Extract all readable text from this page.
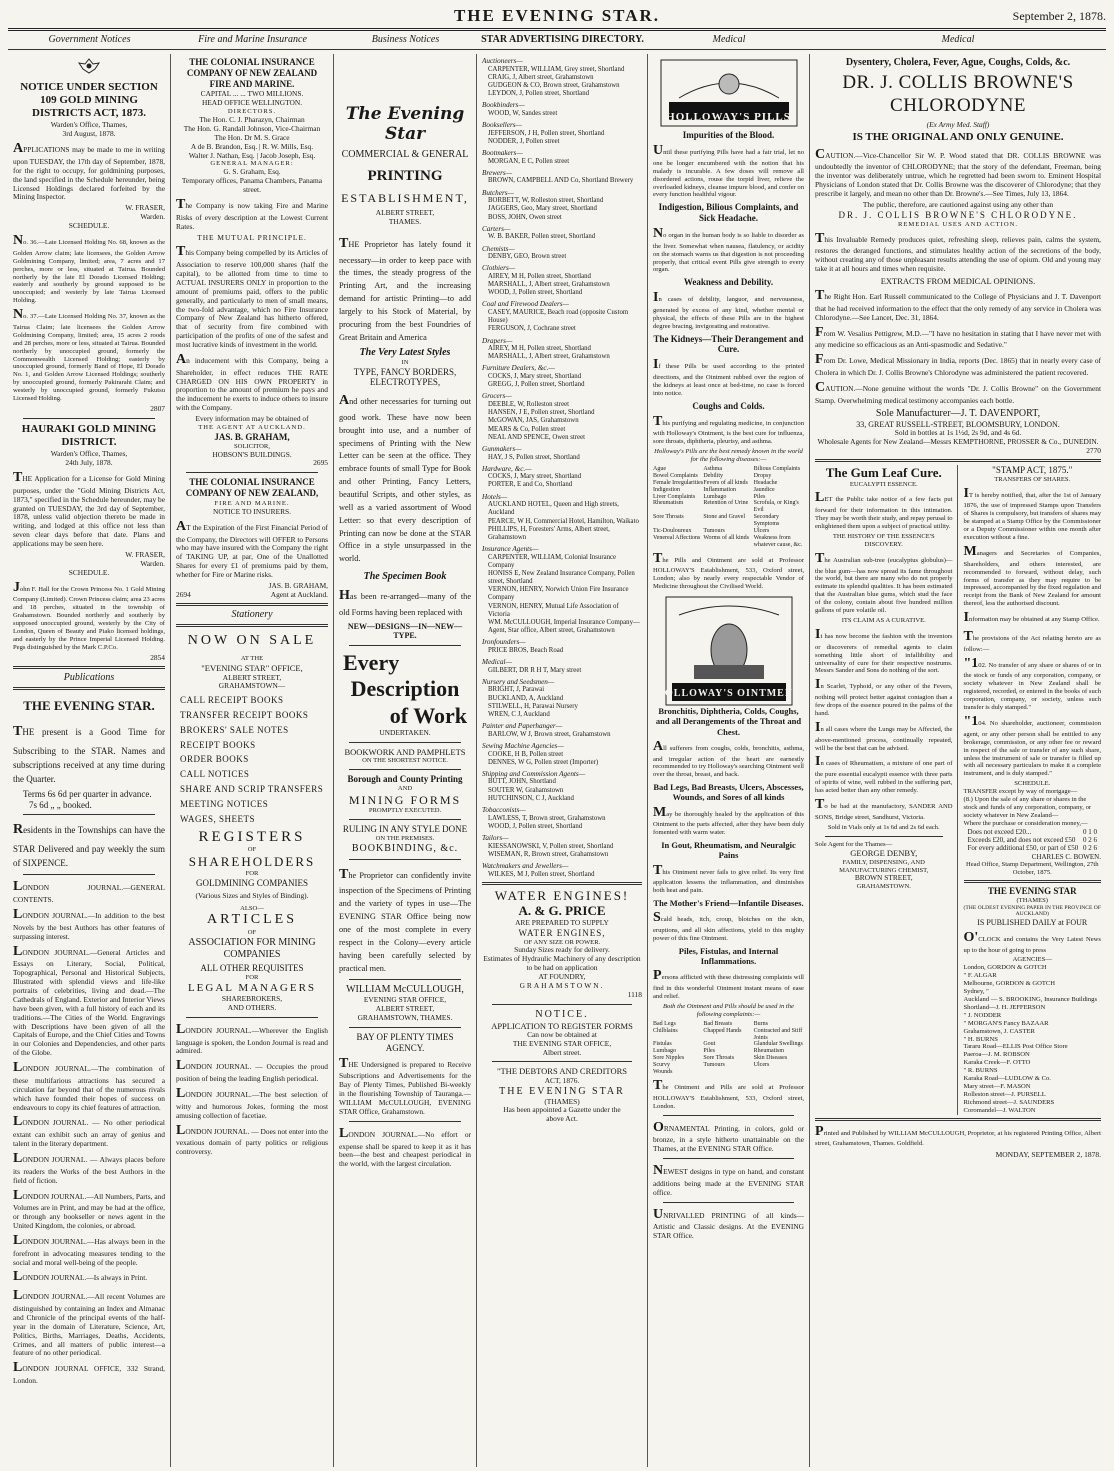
THE EVENING STAR.	September 2, 1878.
Government Notices	Fire and Marine Insurance	Business Notices	STAR ADVERTISING DIRECTORY.	Medical	Medical
NOTICE UNDER SECTION 109 GOLD MINING DISTRICTS ACT, 1873.
Warden's Office, Thames,
3rd August, 1878.
APPLICATIONS may be made to me in writing upon TUESDAY, the 17th day of September, 1878, for the right to occupy, for goldmining purposes, the land specified in the Schedule hereunder, being Licensed Holdings declared forfeited by the Mining Inspector.
W. FRASER,
Warden.
SCHEDULE.
No. 36.—Late Licensed Holding No. 68, known as the Golden Arrow claim; late licensees, the Golden Arrow Goldmining Company, limited; area, 7 acres and 17 perches, more or less, situated at Tairua. Bounded northerly by the late El Dorado Licensed Holding; easterly and southerly by ground supposed to be unoccupied; and westerly by late Tairua Licensed Holding.
No. 37.—Late Licensed Holding No. 37, known as the Tairua Claim; late licensees the Golden Arrow Goldmining Company, limited; area, 15 acres 2 roods and 28 perches, more or less, situated at Tairua. Bounded northerly by unoccupied ground, formerly the Commonwealth Licensed Holding; easterly by unoccupied ground, formerly Band of Hope, El Dorado No. 1, and Golden Arrow Licensed Holdings; southerly by unoccupied ground, formerly Pakirarahi Claim; and westerly by unoccupied ground, formerly Fukutsu Licensed Holding.
2807
HAURAKI GOLD MINING DISTRICT.
Warden's Office, Thames,
24th July, 1878.
THE Application for a License for Gold Mining purposes, under the "Gold Mining Districts Act, 1873," specified in the Schedule hereunder, may be granted on TUESDAY, the 3rd day of September, 1878, unless valid objection thereto be made in writing, and lodged at this office not less than seven clear days before that date. Plans and applications may be seen here.
W. FRASER,
Warden.
SCHEDULE.
John F. Hall for the Crown Princess No. 1 Gold Mining Company (Limited). Crown Princess claim; area 23 acres and 18 perches, situated in the township of Grahamstown. Bounded northerly and southerly by supposed unoccupied ground, westerly by the City of London, Queen of Beauty and Piako licensed holdings, and easterly by the Prince Imperial Licensed Holding. Pegs distinguished by the Mark C.P.Co.
2854
Publications
THE EVENING STAR.
THE present is a Good Time for Subscribing to the STAR. Names and subscriptions received at any time during the Quarter.
Terms 6s 6d per quarter in advance.
7s 6d „ „ booked.
Residents in the Townships can have the STAR Delivered and pay weekly the sum of SIXPENCE.
LONDON JOURNAL.—GENERAL CONTENTS.
LONDON JOURNAL.—In addition to the best Novels by the best Authors has other features of surpassing interest.
LONDON JOURNAL.—General Articles and Essays on Literary, Social, Political, Topographical, Personal and Historical Subjects, Illustrated with splendid views and life-like portraits of celebrities, living and dead.—The Cathedrals of England. Exterior and Interior Views have been given, with a full history of each and its traditions.—The Cities of the World. Engravings with Descriptions have been given of all the Capitals of Europe, and the Chief Cities and Towns in our Colonies and Dependencies, and other parts of the Globe.
LONDON JOURNAL.—The combination of these multifarious attractions has secured a circulation far beyond that of the numerous rivals which have founded their hopes of success on endeavours to copy its chief features of attraction.
LONDON JOURNAL. — No other periodical extant can exhibit such an array of genius and talent in the literary department.
LONDON JOURNAL. — Always places before its readers the Works of the best Authors in the field of fiction.
LONDON JOURNAL.—All Numbers, Parts, and Volumes are in Print, and may be had at the office, or through any bookseller or news agent in the United Kingdom, the colonies, or abroad.
LONDON JOURNAL.—Has always been in the forefront in advocating measures tending to the social and moral well-being of the people.
LONDON JOURNAL.—Is always in Print.
LONDON JOURNAL.—All recent Volumes are distinguished by containing an Index and Almanac and Chronicle of the principal events of the half-year in the domain of Literature, Science, Art, Politics, Births, Marriages, Deaths, Accidents, Crimes, and all matters of public interest—a feature of no other periodical.
LONDON JOURNAL OFFICE, 332 Strand, London.
THE COLONIAL INSURANCE COMPANY OF NEW ZEALAND FIRE AND MARINE.
CAPITAL ... ... TWO MILLIONS.
HEAD OFFICE WELLINGTON.
DIRECTORS.
The Hon. C. J. Pharazyn, Chairman
The Hon. G. Randall Johnson, Vice-Chairman
The Hon. Dr M. S. Grace
A de B. Brandon, Esq. | R. W. Mills, Esq.
Walter J. Nathan, Esq. | Jacob Joseph, Esq.
GENERAL MANAGER:
G. S. Graham, Esq.
Temporary offices, Panama Chambers, Panama street.
The Company is now taking Fire and Marine Risks of every description at the Lowest Current Rates.
THE MUTUAL PRINCIPLE.
This Company being compelled by its Articles of Association to reserve 100,000 shares (half the capital), to be allotted from time to time to ACTUAL INSURERS ONLY in proportion to the amount of premiums paid, offers to the public generally, and particularly to men of small means, the two-fold advantage, which no Fire Insurance Company of New Zealand has hitherto offered, that of security from fire combined with participation of the profits of one of the safest and most lucrative kinds of investment in the world.
An inducement with this Company, being a Shareholder, in effect reduces THE RATE CHARGED ON HIS OWN PROPERTY in proportion to the amount of premium he pays and the inducement he exerts to induce others to insure with the Company.
Every information may be obtained of
THE AGENT AT AUCKLAND.
JAS. B. GRAHAM,
SOLICITOR,
HOBSON'S BUILDINGS.
2695
THE COLONIAL INSURANCE COMPANY OF NEW ZEALAND,
FIRE AND MARINE.
NOTICE TO INSURERS.
AT the Expiration of the First Financial Period of the Company, the Directors will OFFER to Persons who may have insured with the Company the right of TAKING UP, at par, One of the Unallotted Shares for every £1 of premiums paid by them, whether for Fire or Marine risks.
JAS. B. GRAHAM,
2694	Agent at Auckland.
Stationery
NOW ON SALE
AT THE
"EVENING STAR" OFFICE,
ALBERT STREET,
GRAHAMSTOWN—
CALL RECEIPT BOOKS
TRANSFER RECEIPT BOOKS
BROKERS' SALE NOTES
RECEIPT BOOKS
ORDER BOOKS
CALL NOTICES
SHARE AND SCRIP TRANSFERS
MEETING NOTICES
WAGES, SHEETS
REGISTERS
OF
SHAREHOLDERS
FOR
GOLDMINING COMPANIES
(Various Sizes and Styles of Binding).
ALSO—
ARTICLES
OF
ASSOCIATION FOR MINING
COMPANIES
ALL OTHER REQUISITES
FOR
LEGAL MANAGERS
SHAREBROKERS,
AND OTHERS.
LONDON JOURNAL.—Wherever the English language is spoken, the London Journal is read and admired.
LONDON JOURNAL. — Occupies the proud position of being the leading English periodical.
LONDON JOURNAL.—The best selection of witty and humorous Jokes, forming the most amusing collection of facetiae.
LONDON JOURNAL. — Does not enter into the vexatious domain of party politics or religious controversy.
The Evening Star
COMMERCIAL & GENERAL
PRINTING
ESTABLISHMENT,
ALBERT STREET,
THAMES.
THE Proprietor has lately found it necessary—in order to keep pace with the times, the steady progress of the Printing Art, and the increasing demand for artistic Printing—to add largely to his Stock of Material, by procuring from the best Foundries of Great Britain and America
The Very Latest Styles
IN
TYPE, FANCY BORDERS,
ELECTROTYPES,
And other necessaries for turning out good work. These have now been brought into use, and a number of specimens of Printing with the New Letter can be seen at the office. They embrace founts of small Type for Book and other Printing, Fancy Letters, beautiful Scripts, and other styles, as well as a varied assortment of Wood Letter: so that every description of Printing can now be done at the STAR Office in a style unsurpassed in the world.
The Specimen Book
Has been re-arranged—many of the old Forms having been replaced with
NEW—DESIGNS—IN—NEW—TYPE.
Every
Description
of Work
UNDERTAKEN.
BOOKWORK AND PAMPHLETS
ON THE SHORTEST NOTICE.
Borough and County Printing
AND
MINING FORMS
PROMPTLY EXECUTED.
RULING IN ANY STYLE DONE
ON THE PREMISES.
BOOKBINDING, &c.
The Proprietor can confidently invite inspection of the Specimens of Printing and the variety of types in use—The EVENING STAR Office being now one of the most complete in every respect in the Colony—every article having been carefully selected by practical men.
WILLIAM McCULLOUGH,
EVENING STAR OFFICE,
ALBERT STREET,
GRAHAMSTOWN, THAMES.
BAY OF PLENTY TIMES AGENCY.
THE Undersigned is prepared to Receive Subscriptions and Advertisements for the Bay of Plenty Times, Published Bi-weekly in the flourishing Township of Tauranga.—WILLIAM McCULLOUGH, EVENING STAR Office, Grahamstown.
LONDON JOURNAL.—No effort or expense shall be spared to keep it as it has been—the best and cheapest periodical in the world, with the largest circulation.
Auctioneers—
CARPENTER, WILLIAM, Grey street, Shortland
CRAIG, J, Albert street, Grahamstown
GUDGEON & CO, Brown street, Grahamstown
LEYDON, J, Pollen street, Shortland
Bookbinders—
WOOD, W, Sandes street
Booksellers—
JEFFERSON, J H, Pollen street, Shortland
NODDER, J, Pollen street
Bootmakers—
MORGAN, E C, Pollen street
Brewers—
BROWN, CAMPBELL AND Co, Shortland Brewery
Butchers—
BORBETT, W, Rolleston street, Shortland
JAGGERS, Geo, Mary street, Shortland
BOSS, JOHN, Owen street
Carters—
W. B. BAKER, Pollen street, Shortland
Chemists—
DENBY, GEO, Brown street
Clothiers—
AIREY, M H, Pollen street, Shortland
MARSHALL, J, Albert street, Grahamstown
WOOD, J, Pollen street, Shortland
Coal and Firewood Dealers—
CASEY, MAURICE, Beach road (opposite Custom House)
FERGUSON, J, Cochrane street
Drapers—
AIREY, M H, Pollen street, Shortland
MARSHALL, J, Albert street, Grahamstown
Furniture Dealers, &c.—
COCKS, J, Mary street, Shortland
GREGG, J, Pollen street, Shortland
Grocers—
DEEBLE, W, Rolleston street
HANSEN, J E, Pollen street, Shortland
McGOWAN, JAS, Grahamstown
MEARS & Co, Pollen street
NEAL AND SPENCE, Owen street
Gunmakers—
HAY, J S, Pollen street, Shortland
Hardware, &c.—
COCKS, J, Mary street, Shortland
PORTER, E and Co, Shortland
Hotels—
AUCKLAND HOTEL, Queen and High streets, Auckland
PEARCE, W H, Commercial Hotel, Hamilton, Waikato
PHILLIPS, H, Foresters' Arms, Albert street, Grahamstown
Insurance Agents—
CARPENTER, WILLIAM, Colonial Insurance Company
HONISS E, New Zealand Insurance Company, Pollen street, Shortland
VERNON, HENRY, Norwich Union Fire Insurance Company
VERNON, HENRY, Mutual Life Association of Victoria
WM. McCULLOUGH, Imperial Insurance Company—Agent, Star office, Albert street, Grahamstown
Ironfounders—
PRICE BROS, Beach Road
Medical—
GILBERT, DR R H T, Mary street
Nursery and Seedsmen—
BRIGHT, J, Parawai
BUCKLAND, A, Auckland
STILWELL, H, Parawai Nursery
WREN, C J, Auckland
Painter and Paperhanger—
BARLOW, W J, Brown street, Grahamstown
Sewing Machine Agencies—
COOKE, H B, Pollen street
DENNES, W G, Pollen street (Importer)
Shipping and Commission Agents—
BUTT, JOHN, Shortland
SOUTER W, Grahamstown
HUTCHINSON, C J, Auckland
Tobacconists—
LAWLESS, T, Brown street, Grahamstown
WOOD, J, Pollen street, Shortland
Tailors—
KIESSANOWSKI, V, Pollen street, Shortland
WISEMAN, R, Brown street, Grahamstown
Watchmakers and Jewellers—
WILKES, M J, Pollen street, Shortland
WATER ENGINES!
A. & G. PRICE
ARE PREPARED TO SUPPLY
WATER ENGINES,
OF ANY SIZE OR POWER.
Sunday Sizes ready for delivery.
Estimates of Hydraulic Machinery of any description to be had on application
AT FOUNDRY,
GRAHAMSTOWN.
1118
NOTICE.
APPLICATION TO REGISTER FORMS
Can now be obtained at
THE EVENING STAR OFFICE,
Albert street.
"THE DEBTORS AND CREDITORS
ACT, 1876.
THE EVENING STAR
(THAMES)
Has been appointed a Gazette under the
above Act.
HOLLOWAY'S PILLS
Impurities of the Blood.
Until these purifying Pills have had a fair trial, let no one be longer encumbered with the notion that his malady is incurable. A few doses will remove all disordered actions, rouse the torpid liver, relieve the overloaded kidneys, cleanse impure blood, and confer on every function healthful vigour.
Indigestion, Bilious Complaints, and Sick Headache.
No organ in the human body is so liable to disorder as the liver. Somewhat when nausea, flatulency, or acidity on the stomach warns us that digestion is not proceeding properly, that critical event Pills give strength to every organ.
Weakness and Debility.
In cases of debility, languor, and nervousness, generated by excess of any kind, whether mental or physical, the effects of these Pills are in the highest degree bracing, invigorating and restorative.
The Kidneys—Their Derangement and Cure.
If these Pills be used according to the printed directions, and the Ointment rubbed over the region of the kidneys at least once at bed-time, no case is forced into notice.
Coughs and Colds.
This purifying and regulating medicine, in conjunction with Holloway's Ointment, is the best cure for influenza, sore throats, diphtheria, pleurisy, and asthma.
Holloway's Pills are the best remedy known in the world for the following diseases:—
Ague	Asthma	Bilious Complaints
Bowel Complaints Debility	Dropsy
Female Irregularities Fevers of all kinds Headache
Indigestion	Inflammation	Jaundice
Liver Complaints	Lumbago	Piles
Rheumatism	Retention of Urine Scrofula, or King's Evil
Sore Throats	Stone and Gravel	Secondary Symptoms
Tic-Douloureux	Tumours	Ulcers
Venereal Affections Worms of all kinds Weakness from whatever cause, &c.
The Pills and Ointment are sold at Professor HOLLOWAY'S Establishment, 533, Oxford street, London; also by nearly every respectable Vendor of Medicine throughout the Civilised World.
HOLLOWAY'S OINTMENT
Bronchitis, Diphtheria, Colds, Coughs, and all Derangements of the Throat and Chest.
All sufferers from coughs, colds, bronchitis, asthma, and irregular action of the heart are earnestly recommended to try Holloway's searching Ointment well over the throat, breast, and back.
Bad Legs, Bad Breasts, Ulcers, Abscesses, Wounds, and Sores of all kinds
May be thoroughly healed by the application of this Ointment to the parts affected, after they have been duly fomented with warm water.
In Gout, Rheumatism, and Neuralgic Pains
This Ointment never fails to give relief. Its very first application lessens the inflammation, and diminishes both heat and pain.
The Mother's Friend—Infantile Diseases.
Scald heads, itch, croup, blotches on the skin, eruptions, and all skin affections, yield to this mighty power of this fine Ointment.
Piles, Fistulas, and Internal Inflammations.
Persons afflicted with these distressing complaints will find in this wonderful Ointment instant means of ease and relief.
Both the Ointment and Pills should be used in the following complaints:—
Bad Legs	Bad Breasts	Burns
Chilblains	Chapped Hands	Contracted and Stiff Joints
Fistulas	Gout	Glandular Swellings
Lumbago	Piles	Rheumatism
Sore Nipples	Sore Throats	Skin Diseases
Scurvy	Tumours	Ulcers
Wounds
The Ointment and Pills are sold at Professor HOLLOWAY'S Establishment, 533, Oxford street, London.
ORNAMENTAL Printing, in colors, gold or bronze, in a style hitherto unattainable on the Thames, at the EVENING STAR Office.
NEWEST designs in type on hand, and constant additions being made at the EVENING STAR office.
UNRIVALLED PRINTING of all kinds—Artistic and Classic designs. At the EVENING STAR Office.
Dysentery, Cholera, Fever, Ague, Coughs, Colds, &c.
DR. J. COLLIS BROWNE'S CHLORODYNE
(Ex Army Med. Staff)
IS THE ORIGINAL AND ONLY GENUINE.
CAUTION.—Vice-Chancellor Sir W. P. Wood stated that DR. COLLIS BROWNE was undoubtedly the inventor of CHLORODYNE; that the story of the defendant, Freeman, being the inventor was deliberately untrue, which he regretted had been sworn to. Eminent Hospital Physicians of London stated that Dr. Collis Browne was the discoverer of Chlorodyne; that they prescribe it largely, and mean no other than Dr. Browne's.—See Times, July 13, 1864.
The public, therefore, are cautioned against using any other than
DR. J. COLLIS BROWNE'S CHLORODYNE.
REMEDIAL USES AND ACTION.
This Invaluable Remedy produces quiet, refreshing sleep, relieves pain, calms the system, restores the deranged functions, and stimulates healthy action of the secretions of the body, without creating any of those unpleasant results attending the use of opium. Old and young may take it at all hours and times when requisite.
EXTRACTS FROM MEDICAL OPINIONS.
The Right Hon. Earl Russell communicated to the College of Physicians and J. T. Davenport that he had received information to the effect that the only remedy of any service in Cholera was Chlorodyne.—See Lancet, Dec. 31, 1864.
From W. Vesalius Pettigrew, M.D.—"I have no hesitation in stating that I have never met with any medicine so efficacious as an Anti-spasmodic and Sedative."
From Dr. Lowe, Medical Missionary in India, reports (Dec. 1865) that in nearly every case of Cholera in which Dr. J. Collis Browne's Chlorodyne was administered the patient recovered.
CAUTION.—None genuine without the words "Dr. J. Collis Browne" on the Government Stamp. Overwhelming medical testimony accompanies each bottle.
Sole Manufacturer—J. T. DAVENPORT,
33, GREAT RUSSELL-STREET, BLOOMSBURY, LONDON.
Sold in bottles at 1s 1½d, 2s 9d, and 4s 6d.
Wholesale Agents for New Zealand—Messrs KEMPTHORNE, PROSSER & Co., DUNEDIN.
2770
The Gum Leaf Cure.
EUCALYPTI ESSENCE.
LET the Public take notice of a few facts put forward for their information in this intimation. They may be worth their study, and repay perusal to enlightened them upon a subject of practical utility.
THE HISTORY OF THE ESSENCE'S DISCOVERY.
The Australian sub-tree (eucalyptus globulus)—the blue gum—has now spread its fame throughout the world, but there are many who do not properly estimate its splendid qualities. It has been estimated that the Australian blue gums, which stud the face of the colony, contain about five hundred million gallons of pure volatile oil.
ITS CLAIM AS A CURATIVE.
It has now become the fashion with the inventors or discoverers of remedial agents to claim something little short of infallibility and universality of cure for their respective nostrums. Messrs Sander and Sons do nothing of the sort.
In Scarlet, Typhoid, or any other of the Fevers, nothing will protect better against contagion than a few drops of the essence poured in the palms of the hand.
In all cases where the Lungs may be Affected, the above-mentioned process, continually repeated, will be the best that can be advised.
In cases of Rheumatism, a mixture of one part of the pure essential eucalypti essence with three parts of spirits of wine, well rubbed in the suffering part, has acted better than any other remedy.
To be had at the manufactory, SANDER AND SONS, Bridge street, Sandhurst, Victoria.
Sold in Vials only at 1s 6d and 2s 6d each.
Sole Agent for the Thames—
GEORGE DENBY,
FAMILY, DISPENSING, AND MANUFACTURING CHEMIST,
BROWN STREET,
GRAHAMSTOWN.
"STAMP ACT, 1875."
TRANSFERS OF SHARES.
IT is hereby notified, that, after the 1st of January 1876, the use of impressed Stamps upon Transfers of Shares is compulsory, but transfers of shares may be stamped at a Stamp Office by the Commissioner or a Deputy Commissioner within one month after execution without a fine.
Managers and Secretaries of Companies, Shareholders, and others interested, are recommended to forward, without delay, such forms of transfer as they may require to be impressed, accompanied by the fixed regulation and receipt from the Bank of New Zealand for amount thereof, less the authorised discount.
Information may be obtained at any Stamp Office.
The provisions of the Act relating hereto are as follow:—
"102. No transfer of any share or shares of or in the stock or funds of any corporation, company, or society whatever in New Zealand shall be registered, recorded, or entered in the books of such corporation, company, or society, unless such transfer is duly stamped."
"104. No shareholder, auctioneer, commission agent, or any other person shall be entitled to any brokerage, commission, or any other fee or reward in respect of the sale or transfer of any such share, unless the instrument of sale or transfer is filled up with all necessary particulars to make it a complete instrument, and is duly stamped."
SCHEDULE.
TRANSFER except by way of mortgage—
(8.) Upon the sale of any share or shares in the stock and funds of any corporation, company, or society whatever in New Zealand—
Where the purchase or consideration money,—
Does not exceed £20...	0 1 0
Exceeds £20, and does not exceed £50 0 2 6
For every additional £50, or part of £50 0 2 6
CHARLES C. BOWEN.
Head Office, Stamp Department, Wellington, 27th October, 1875.
THE EVENING STAR
(THAMES)
(THE OLDEST EVENING PAPER IN THE PROVINCE OF AUCKLAND)
IS PUBLISHED DAILY at FOUR
O'CLOCK and contains the Very Latest News up to the hour of going to press
AGENCIES—
London, GORDON & GOTCH
" F. ALGAR
Melbourne, GORDON & GOTCH
Sydney, "
Auckland — S. BROOKING, Insurance Buildings
Shortland—J. H. JEFFERSON
" J. NODDER
" MORGAN'S Fancy BAZAAR
Grahamstown, J. CASTER
" H. BURNS
Tararu Road—ELLIS Post Office Store
Paeroa—J. M. ROBSON
Karaka Creek—F. OTTO
" R. BURNS
Karaka Road—LUDLOW & Co.
Mary street—F. MASON
Rolleston street—J. PURSELL
Richmond street—J. SAUNDERS
Coromandel—J. WALTON
Printed and Published by WILLIAM McCULLOUGH, Proprietor, at his registered Printing Office, Albert street, Grahamstown, Thames. Goldfield.
MONDAY, SEPTEMBER 2, 1878.
